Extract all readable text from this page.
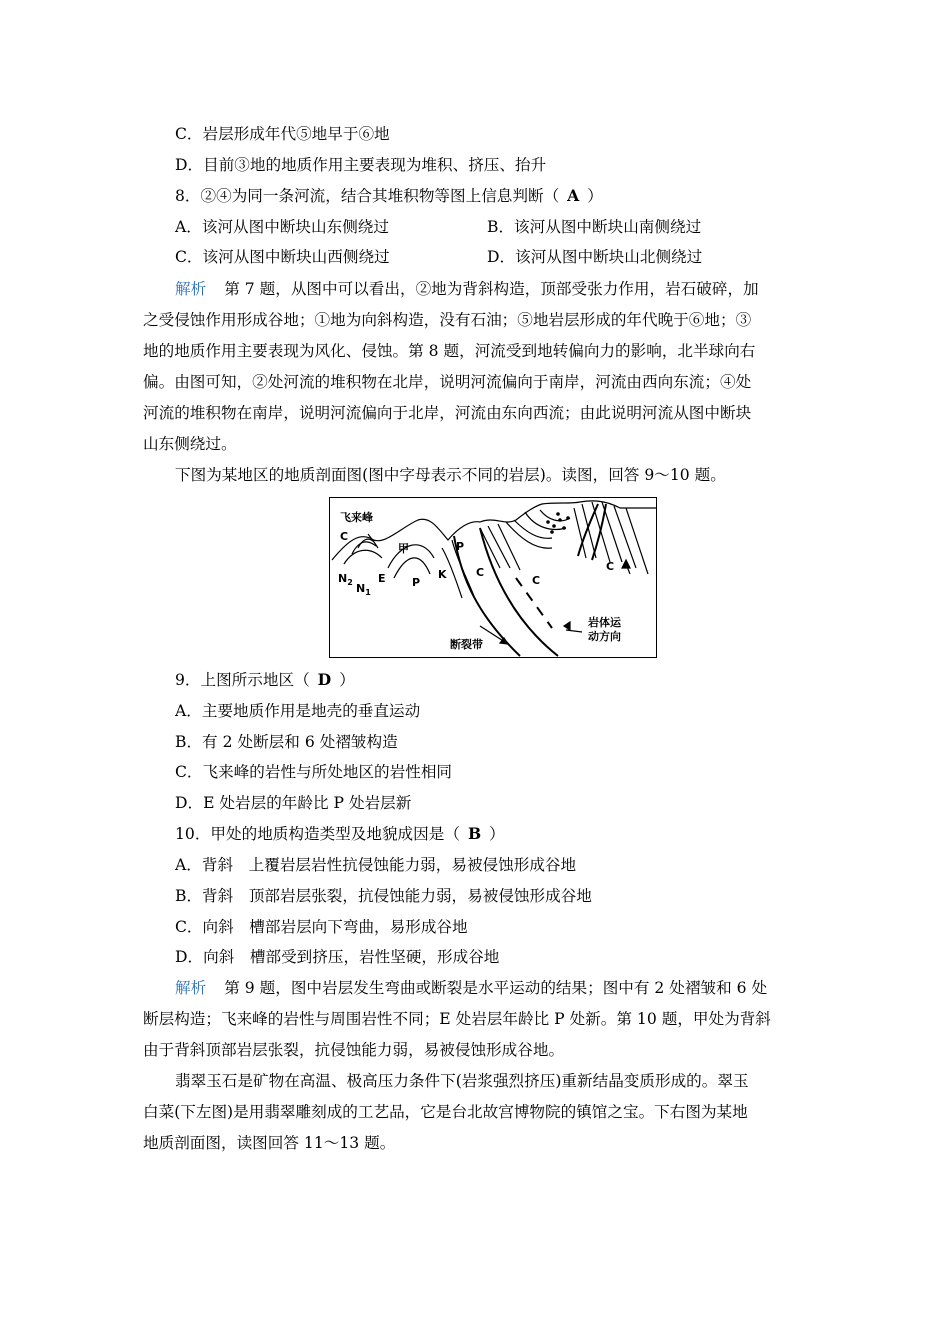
C．岩层形成年代⑤地早于⑥地
D．目前③地的地质作用主要表现为堆积、挤压、抬升
8．②④为同一条河流，结合其堆积物等图上信息判断（ A ）
A．该河从图中断块山东侧绕过	B．该河从图中断块山南侧绕过
C．该河从图中断块山西侧绕过	D．该河从图中断块山北侧绕过
解析 第 7 题，从图中可以看出，②地为背斜构造，顶部受张力作用，岩石破碎，加
之受侵蚀作用形成谷地；①地为向斜构造，没有石油；⑤地岩层形成的年代晚于⑥地；③
地的地质作用主要表现为风化、侵蚀。第 8 题，河流受到地转偏向力的影响，北半球向右
偏。由图可知，②处河流的堆积物在北岸，说明河流偏向于南岸，河流由西向东流；④处
河流的堆积物在南岸，说明河流偏向于北岸，河流由东向西流；由此说明河流从图中断块
山东侧绕过。
下图为某地区的地质剖面图(图中字母表示不同的岩层)。读图，回答 9～10 题。
飞来峰
C
甲
$N_2$ $N_1$
E P
K
P
C
C
C
断裂带
岩体运
动方向
9．上图所示地区（ D ）
A．主要地质作用是地壳的垂直运动
B．有 2 处断层和 6 处褶皱构造
C．飞来峰的岩性与所处地区的岩性相同
D．E 处岩层的年龄比 P 处岩层新
10．甲处的地质构造类型及地貌成因是（ B ）
A．背斜　上覆岩层岩性抗侵蚀能力弱，易被侵蚀形成谷地
B．背斜　顶部岩层张裂，抗侵蚀能力弱，易被侵蚀形成谷地
C．向斜　槽部岩层向下弯曲，易形成谷地
D．向斜　槽部受到挤压，岩性坚硬，形成谷地
解析 第 9 题，图中岩层发生弯曲或断裂是水平运动的结果；图中有 2 处褶皱和 6 处
断层构造；飞来峰的岩性与周围岩性不同；E 处岩层年龄比 P 处新。第 10 题，甲处为背斜
由于背斜顶部岩层张裂，抗侵蚀能力弱，易被侵蚀形成谷地。
翡翠玉石是矿物在高温、极高压力条件下(岩浆强烈挤压)重新结晶变质形成的。翠玉
白菜(下左图)是用翡翠雕刻成的工艺品，它是台北故宫博物院的镇馆之宝。下右图为某地
地质剖面图，读图回答 11～13 题。
